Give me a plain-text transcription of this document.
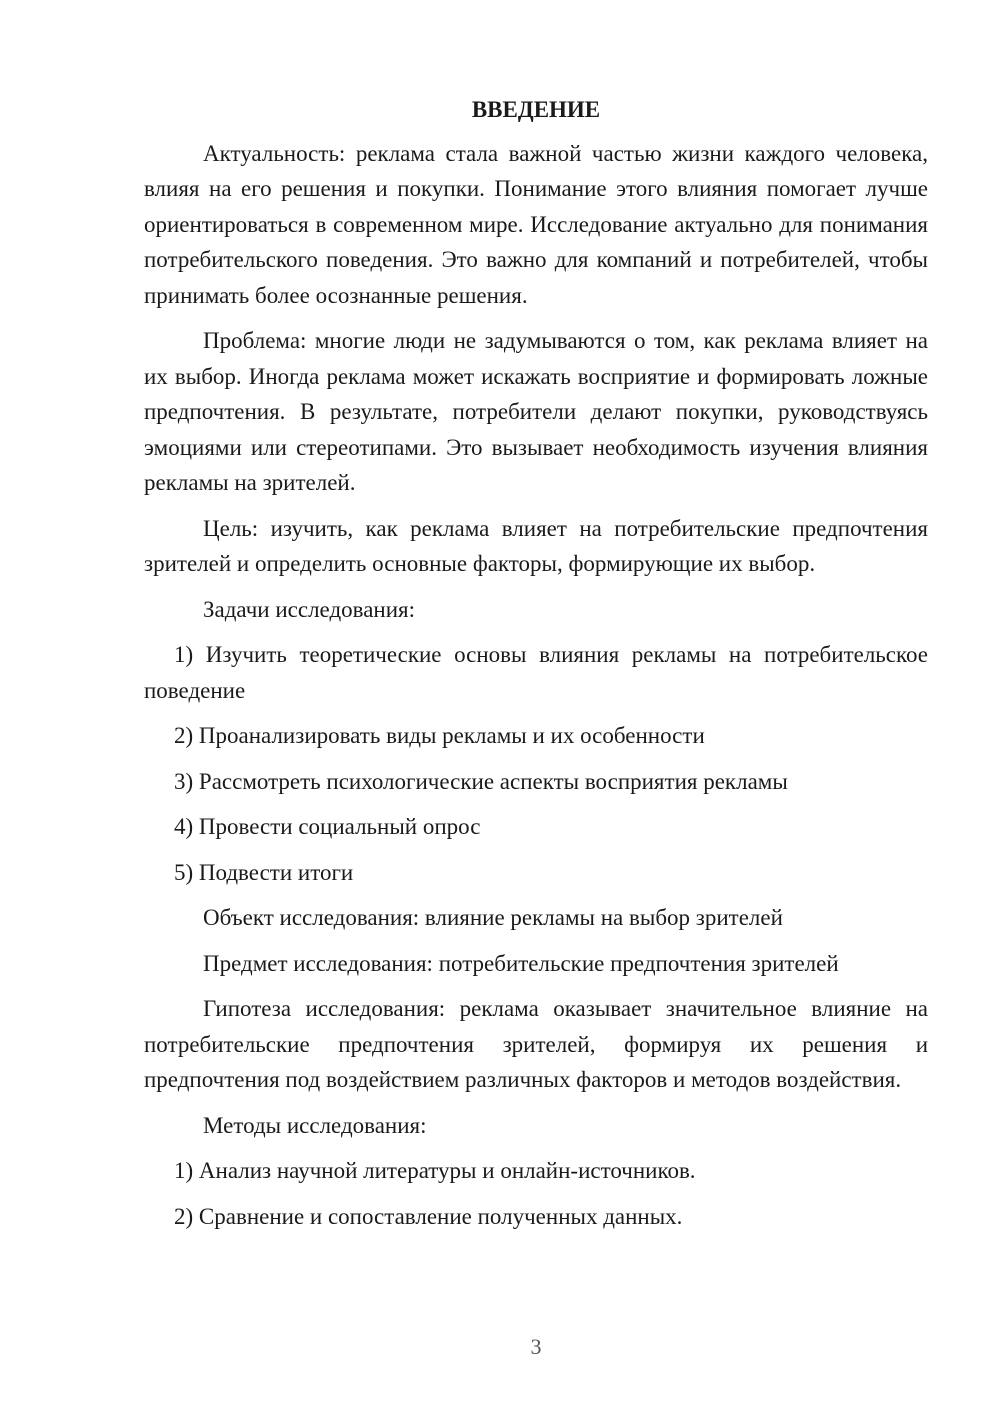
ВВЕДЕНИЕ

Актуальность: реклама стала важной частью жизни каждого человека, влияя на его решения и покупки. Понимание этого влияния помогает лучше ориентироваться в современном мире. Исследование актуально для понимания потребительского поведения. Это важно для компаний и потребителей, чтобы принимать более осознанные решения.

Проблема: многие люди не задумываются о том, как реклама влияет на их выбор. Иногда реклама может искажать восприятие и формировать ложные предпочтения. В результате, потребители делают покупки, руководствуясь эмоциями или стереотипами. Это вызывает необходимость изучения влияния рекламы на зрителей.

Цель: изучить, как реклама влияет на потребительские предпочтения зрителей и определить основные факторы, формирующие их выбор.

Задачи исследования:

1) Изучить теоретические основы влияния рекламы на потребительское поведение

2) Проанализировать виды рекламы и их особенности

3) Рассмотреть психологические аспекты восприятия рекламы

4) Провести социальный опрос

5) Подвести итоги

Объект исследования: влияние рекламы на выбор зрителей

Предмет исследования: потребительские предпочтения зрителей

Гипотеза исследования: реклама оказывает значительное влияние на потребительские предпочтения зрителей, формируя их решения и предпочтения под воздействием различных факторов и методов воздействия.

Методы исследования:

1) Анализ научной литературы и онлайн-источников.

2) Сравнение и сопоставление полученных данных.

3
